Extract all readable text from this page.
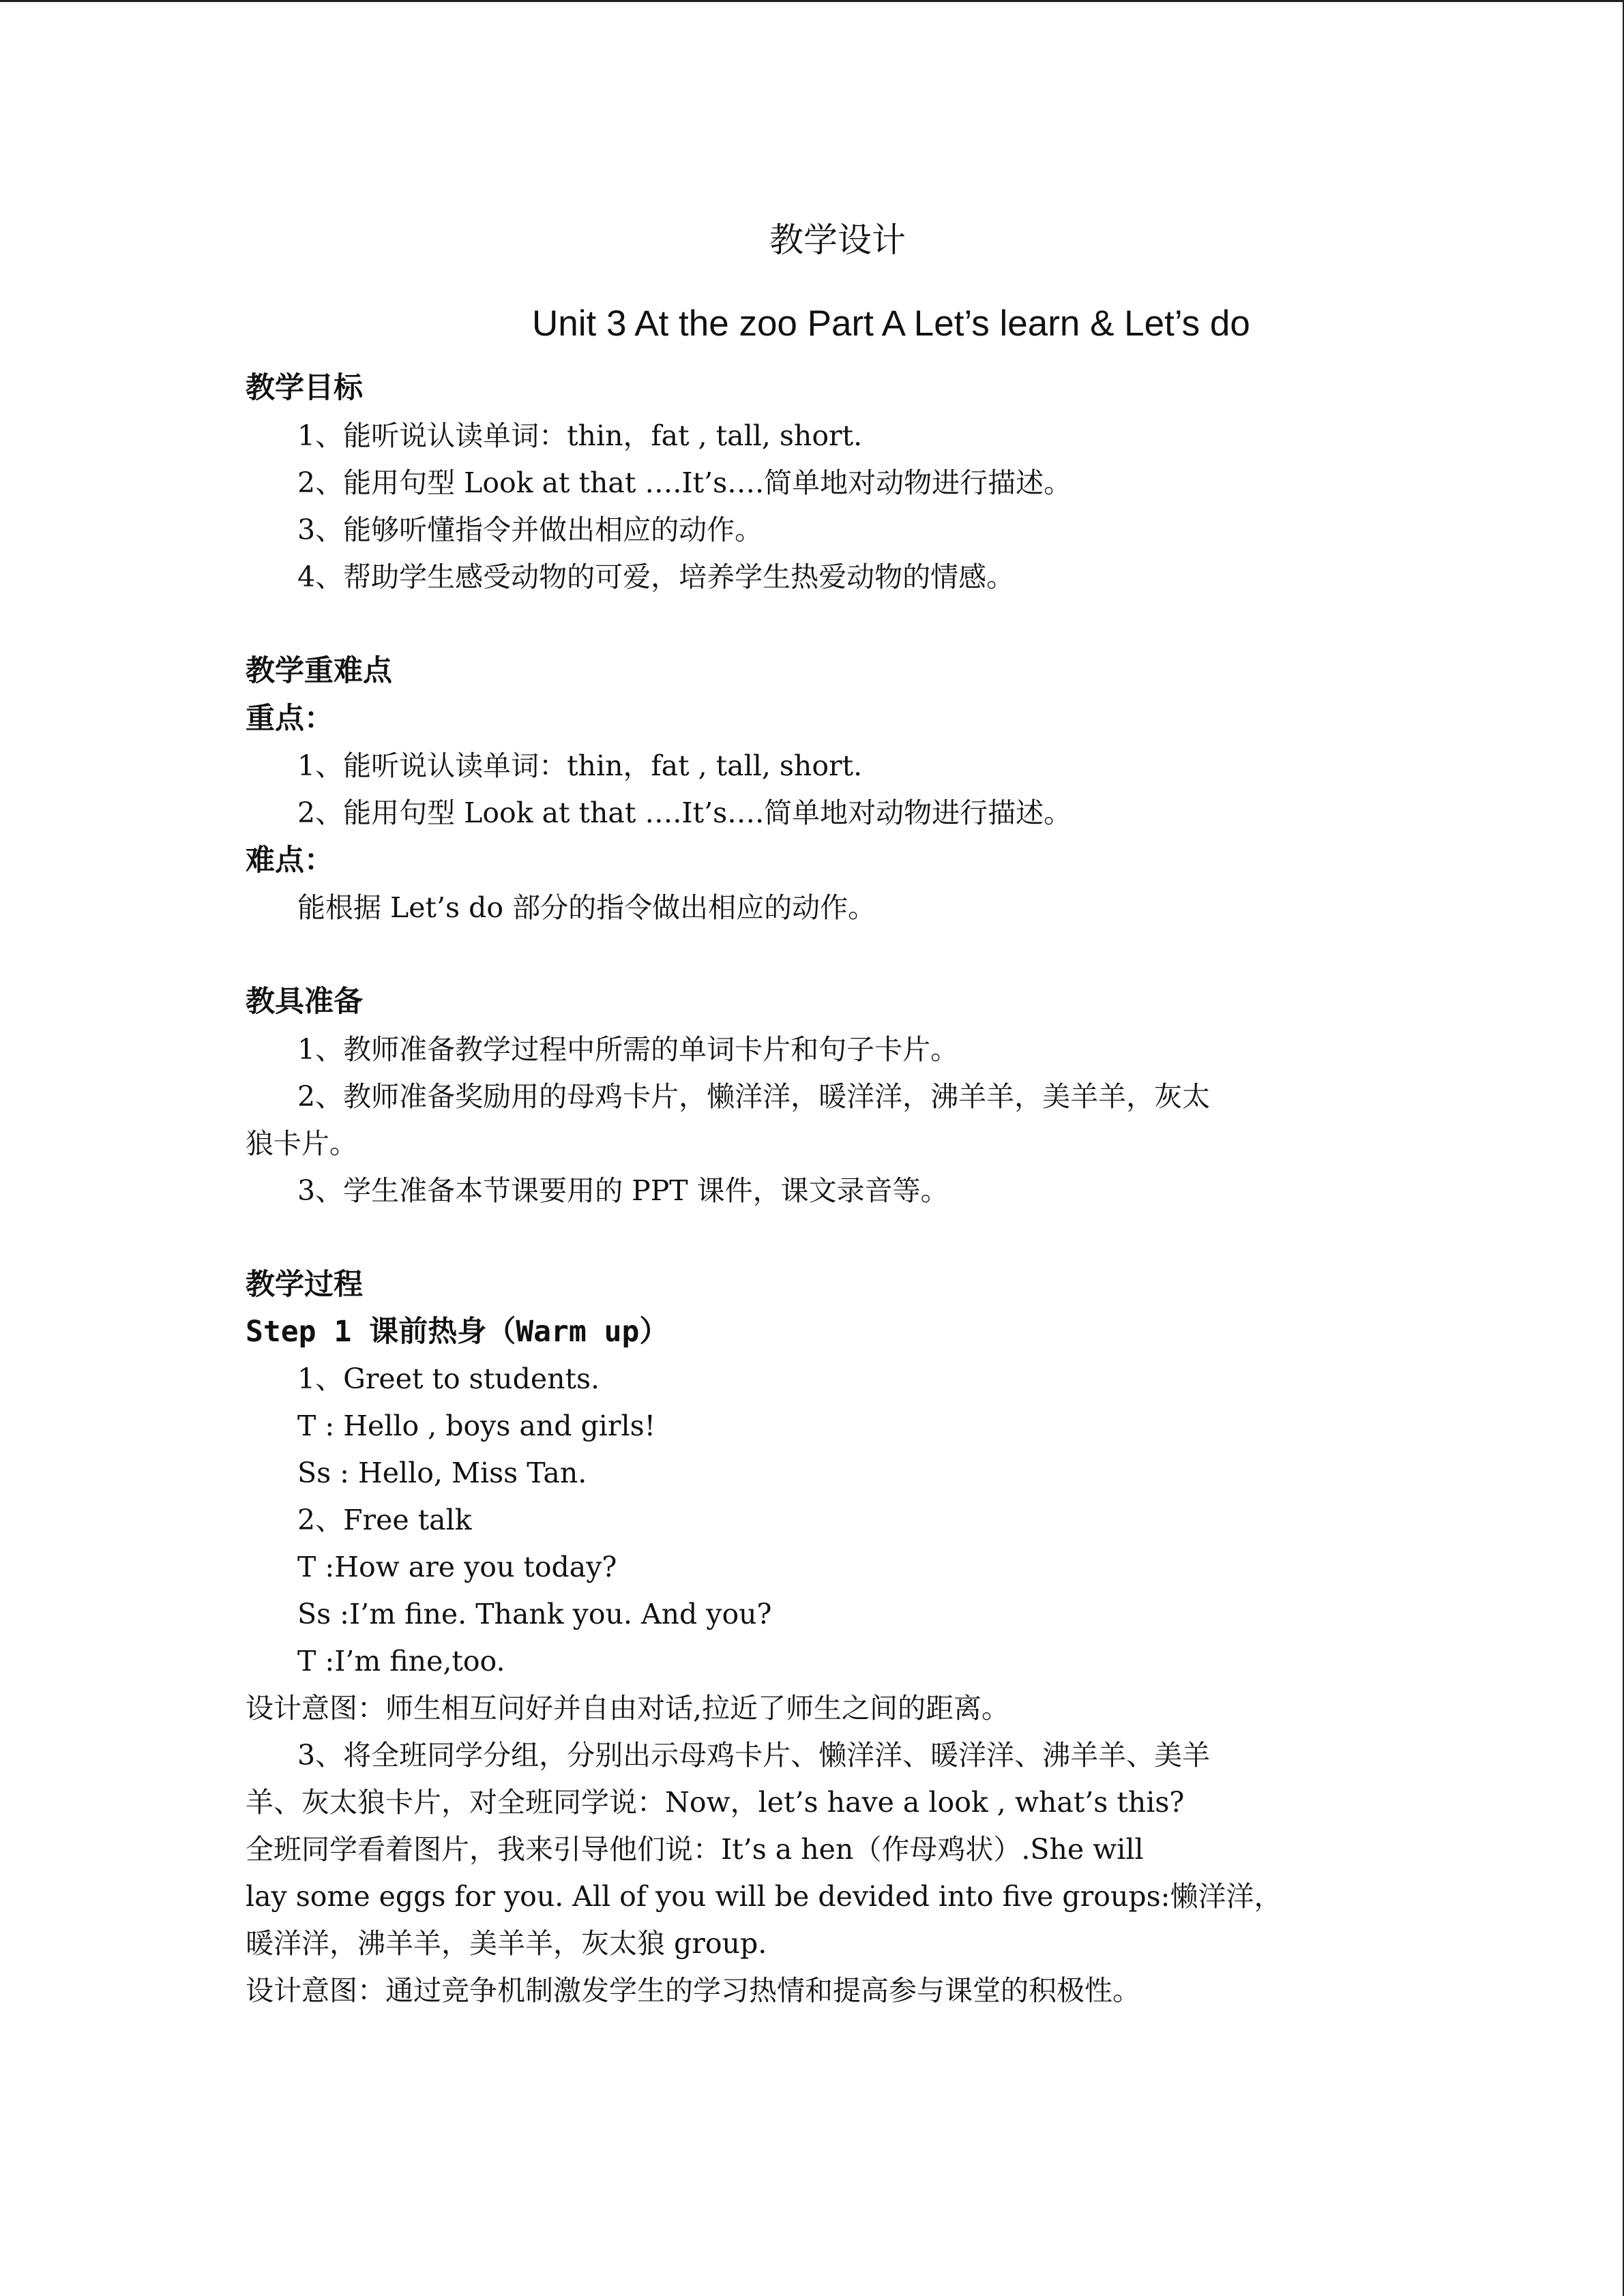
教学设计
Unit 3 At the zoo Part A Let’s learn & Let’s do
教学目标
1、能听说认读单词：thin，fat , tall, short.
2、能用句型 Look at that ….It’s….简单地对动物进行描述。
3、能够听懂指令并做出相应的动作。
4、帮助学生感受动物的可爱，培养学生热爱动物的情感。
教学重难点
重点：
1、能听说认读单词：thin，fat , tall, short.
2、能用句型 Look at that ….It’s….简单地对动物进行描述。
难点：
能根据 Let’s do 部分的指令做出相应的动作。
教具准备
1、教师准备教学过程中所需的单词卡片和句子卡片。
2、教师准备奖励用的母鸡卡片，懒洋洋，暖洋洋，沸羊羊，美羊羊，灰太
狼卡片。
3、学生准备本节课要用的 PPT 课件，课文录音等。
教学过程
Step 1 课前热身（Warm up）
1、Greet to students.
T : Hello , boys and girls!
Ss : Hello, Miss Tan.
2、Free talk
T :How are you today?
Ss :I’m fine. Thank you. And you?
T :I’m fine,too.
设计意图：师生相互问好并自由对话,拉近了师生之间的距离。
3、将全班同学分组，分别出示母鸡卡片、懒洋洋、暖洋洋、沸羊羊、美羊
羊、灰太狼卡片，对全班同学说：Now，let’s have a look , what’s this?
全班同学看着图片，我来引导他们说：It’s a hen（作母鸡状）.She will
lay some eggs for you. All of you will be devided into five groups:懒洋洋，
暖洋洋，沸羊羊，美羊羊，灰太狼 group.
设计意图：通过竞争机制激发学生的学习热情和提高参与课堂的积极性。
